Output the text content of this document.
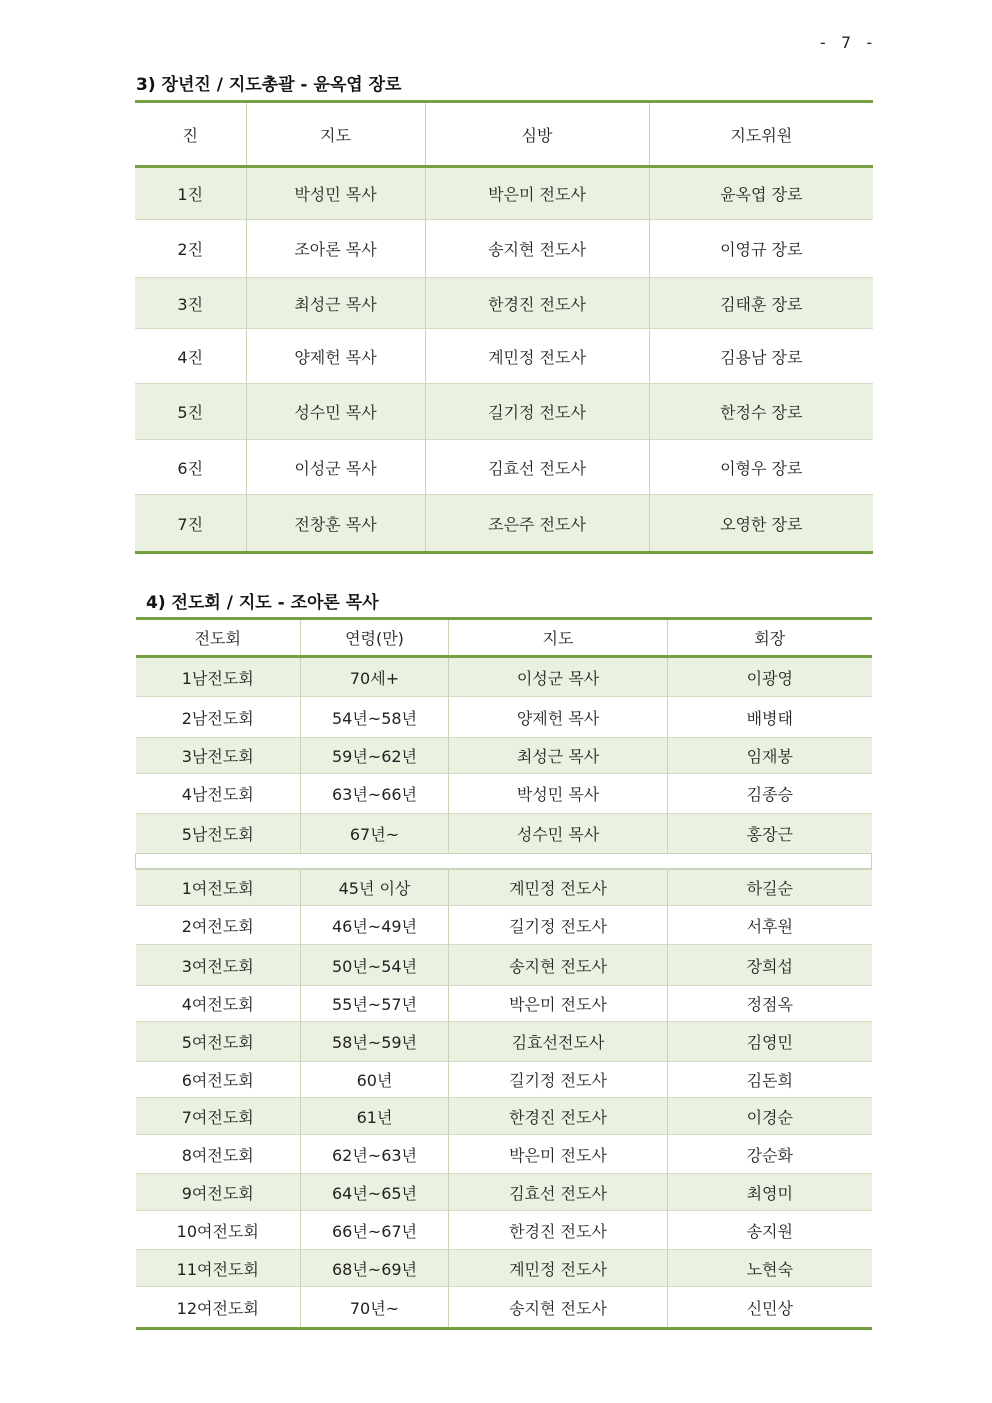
- 7 -
3) 장년진 / 지도총괄 - 윤옥엽 장로
진	지도	심방	지도위원
1진	박성민 목사	박은미 전도사	윤옥엽 장로
2진	조아론 목사	송지현 전도사	이영규 장로
3진	최성근 목사	한경진 전도사	김태훈 장로
4진	양제헌 목사	계민정 전도사	김용남 장로
5진	성수민 목사	길기정 전도사	한정수 장로
6진	이성군 목사	김효선 전도사	이형우 장로
7진	전창훈 목사	조은주 전도사	오영한 장로
4) 전도회 / 지도 - 조아론 목사
전도회	연령(만)	지도	회장
1남전도회	70세+	이성군 목사	이광영
2남전도회	54년~58년	양제헌 목사	배병태
3남전도회	59년~62년	최성근 목사	임재봉
4남전도회	63년~66년	박성민 목사	김종승
5남전도회	67년~	성수민 목사	홍장근

1여전도회	45년 이상	계민정 전도사	하길순
2여전도회	46년~49년	길기정 전도사	서후원
3여전도회	50년~54년	송지현 전도사	장희섭
4여전도회	55년~57년	박은미 전도사	정점옥
5여전도회	58년~59년	김효선전도사	김영민
6여전도회	60년	길기정 전도사	김돈희
7여전도회	61년	한경진 전도사	이경순
8여전도회	62년~63년	박은미 전도사	강순화
9여전도회	64년~65년	김효선 전도사	최영미
10여전도회	66년~67년	한경진 전도사	송지원
11여전도회	68년~69년	계민정 전도사	노현숙
12여전도회	70년~	송지현 전도사	신민상
